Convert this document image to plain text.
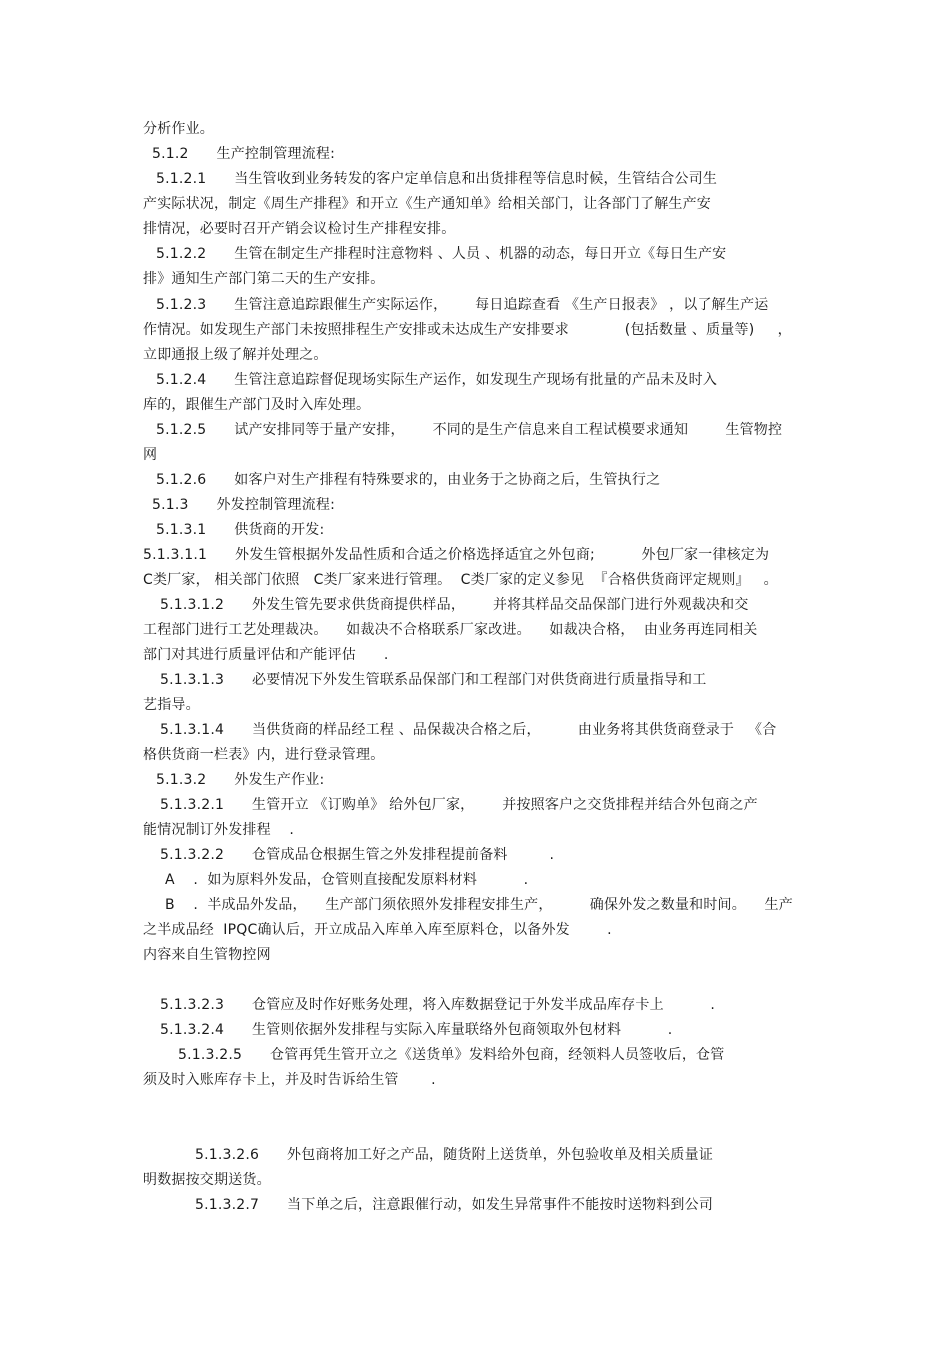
分析作业。
5.1.2      生产控制管理流程:
5.1.2.1      当生管收到业务转发的客户定单信息和出货排程等信息时候，生管结合公司生
产实际状况，制定《周生产排程》和开立《生产通知单》给相关部门，让各部门了解生产安
排情况，必要时召开产销会议检讨生产排程安排。
5.1.2.2      生管在制定生产排程时注意物料 、人员 、机器的动态，每日开立《每日生产安
排》通知生产部门第二天的生产安排。
5.1.2.3      生管注意追踪跟催生产实际运作，      每日追踪查看 《生产日报表》 ，以了解生产运
作情况。如发现生产部门未按照排程生产安排或未达成生产安排要求            (包括数量 、质量等)     ，
立即通报上级了解并处理之。
5.1.2.4      生管注意追踪督促现场实际生产运作，如发现生产现场有批量的产品未及时入
库的，跟催生产部门及时入库处理。
5.1.2.5      试产安排同等于量产安排，      不同的是生产信息来自工程试模要求通知        生管物控
网
5.1.2.6      如客户对生产排程有特殊要求的，由业务于之协商之后，生管执行之
5.1.3      外发控制管理流程:
5.1.3.1      供货商的开发:
5.1.3.1.1      外发生管根据外发品性质和合适之价格选择适宜之外包商;          外包厂家一律核定为
C类厂家， 相关部门依照   C类厂家来进行管理。  C类厂家的定义参见  『合格供货商评定规则』   。
5.1.3.1.2      外发生管先要求供货商提供样品，      并将其样品交品保部门进行外观裁决和交
工程部门进行工艺处理裁决。    如裁决不合格联系厂家改进。    如裁决合格，  由业务再连同相关
部门对其进行质量评估和产能评估      .
5.1.3.1.3      必要情况下外发生管联系品保部门和工程部门对供货商进行质量指导和工
艺指导。
5.1.3.1.4      当供货商的样品经工程 、品保裁决合格之后，        由业务将其供货商登录于   《合
格供货商一栏表》内，进行登录管理。
5.1.3.2      外发生产作业:
5.1.3.2.1      生管开立 《订购单》 给外包厂家，      并按照客户之交货排程并结合外包商之产
能情况制订外发排程    .
5.1.3.2.2      仓管成品仓根据生管之外发排程提前备料         .
A    .  如为原料外发品，仓管则直接配发原料材料          .
B    .  半成品外发品，    生产部门须依照外发排程安排生产，        确保外发之数量和时间。    生产
之半成品经  IPQC确认后，开立成品入库单入库至原料仓，以备外发        .
内容来自生管物控网
5.1.3.2.3      仓管应及时作好账务处理，将入库数据登记于外发半成品库存卡上          .
5.1.3.2.4      生管则依据外发排程与实际入库量联络外包商领取外包材料          .
5.1.3.2.5      仓管再凭生管开立之《送货单》发料给外包商，经领料人员签收后，仓管
须及时入账库存卡上，并及时告诉给生管       .
5.1.3.2.6      外包商将加工好之产品，随货附上送货单，外包验收单及相关质量证
明数据按交期送货。
5.1.3.2.7      当下单之后，注意跟催行动，如发生异常事件不能按时送物料到公司
